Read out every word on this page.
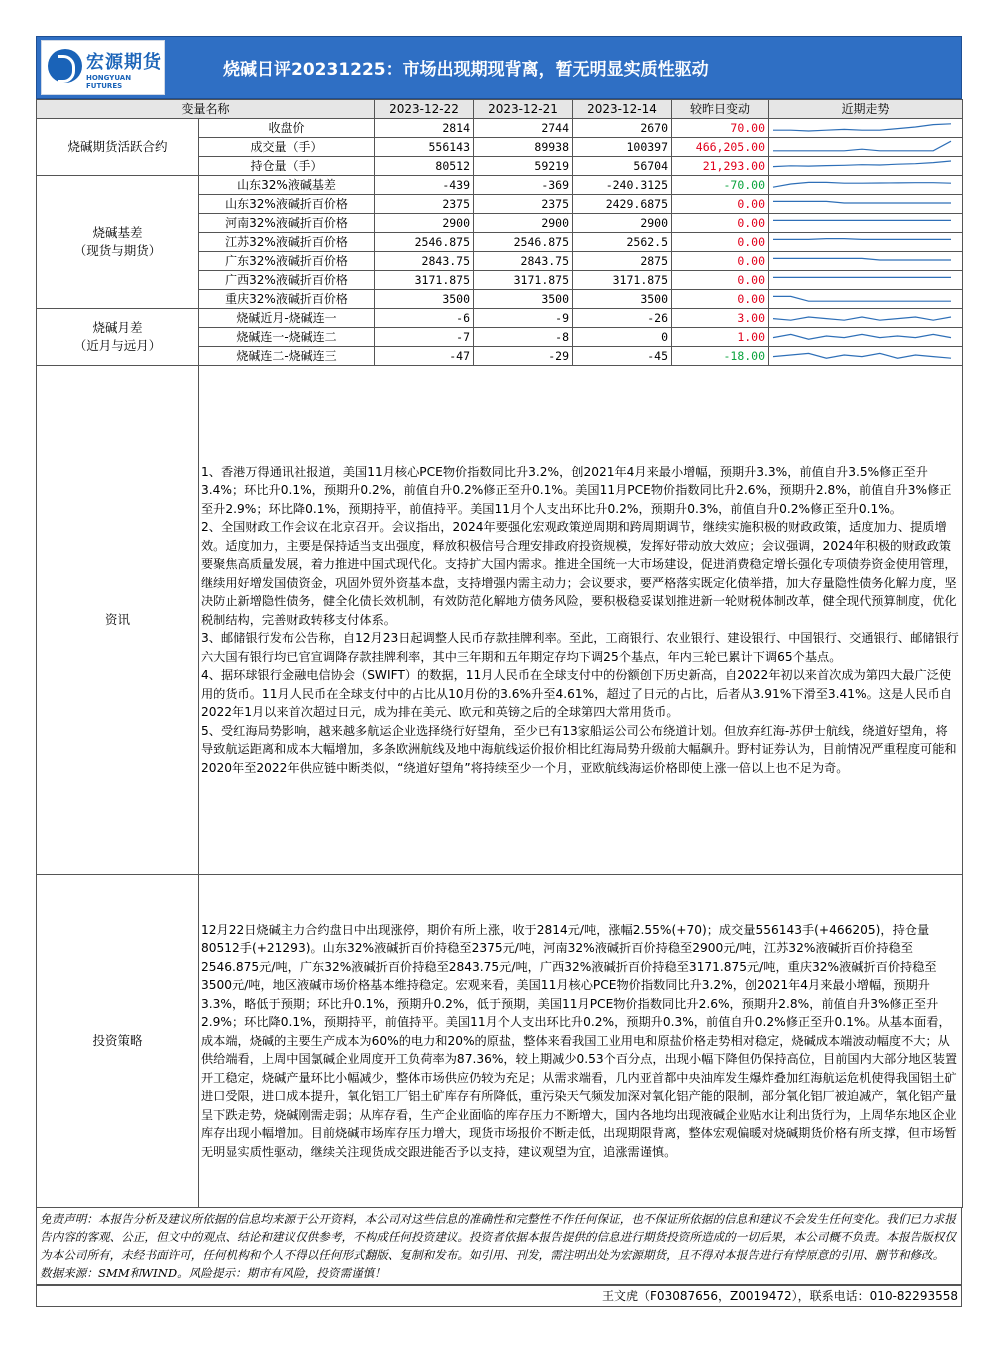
宏源期货
HONGYUAN FUTURES
烧碱日评20231225：市场出现期现背离，暂无明显实质性驱动
变量名称		2023-12-22	2023-12-21	2023-12-14	较昨日变动	近期走势
烧碱期货活跃合约	收盘价	2814	2744	2670	70.00	

	成交量（手）	556143	89938	100397	466,205.00	

	持仓量（手）	80512	59219	56704	21,293.00	

烧碱基差
（现货与期货）	山东32%液碱基差	-439	-369	-240.3125	-70.00	

	山东32%液碱折百价格	2375	2375	2429.6875	0.00	

	河南32%液碱折百价格	2900	2900	2900	0.00	

	江苏32%液碱折百价格	2546.875	2546.875	2562.5	0.00	

	广东32%液碱折百价格	2843.75	2843.75	2875	0.00	

	广西32%液碱折百价格	3171.875	3171.875	3171.875	0.00	

	重庆32%液碱折百价格	3500	3500	3500	0.00	

烧碱月差
（近月与远月）	烧碱近月-烧碱连一	-6	-9	-26	3.00	

	烧碱连一-烧碱连二	-7	-8	0	1.00	

	烧碱连二-烧碱连三	-47	-29	-45	-18.00	

资讯	1、香港万得通讯社报道，美国11月核心PCE物价指数同比升3.2%，创2021年4月来最小增幅，预期升3.3%，前值自升3.5%修正至升3.4%；环比升0.1%，预期升0.2%，前值自升0.2%修正至升0.1%。美国11月PCE物价指数同比升2.6%，预期升2.8%，前值自升3%修正至升2.9%；环比降0.1%，预期持平，前值持平。美国11月个人支出环比升0.2%，预期升0.3%，前值自升0.2%修正至升0.1%。

2、全国财政工作会议在北京召开。会议指出，2024年要强化宏观政策逆周期和跨周期调节，继续实施积极的财政政策，适度加力、提质增效。适度加力，主要是保持适当支出强度，释放积极信号合理安排政府投资规模，发挥好带动放大效应；会议强调，2024年积极的财政政策要聚焦高质量发展，着力推进中国式现代化。支持扩大国内需求。推进全国统一大市场建设，促进消费稳定增长强化专项债券资金使用管理，继续用好增发国债资金，巩固外贸外资基本盘，支持增强内需主动力；会议要求，要严格落实既定化债举措，加大存量隐性债务化解力度，坚决防止新增隐性债务，健全化债长效机制，有效防范化解地方债务风险，要积极稳妥谋划推进新一轮财税体制改革，健全现代预算制度，优化税制结构，完善财政转移支付体系。

3、邮储银行发布公告称，自12月23日起调整人民币存款挂牌利率。至此，工商银行、农业银行、建设银行、中国银行、交通银行、邮储银行六大国有银行均已官宣调降存款挂牌利率，其中三年期和五年期定存均下调25个基点，年内三轮已累计下调65个基点。

4、据环球银行金融电信协会（SWIFT）的数据，11月人民币在全球支付中的份额创下历史新高，自2022年初以来首次成为第四大最广泛使用的货币。11月人民币在全球支付中的占比从10月份的3.6%升至4.61%，超过了日元的占比，后者从3.91%下滑至3.41%。这是人民币自2022年1月以来首次超过日元，成为排在美元、欧元和英镑之后的全球第四大常用货币。

5、受红海局势影响，越来越多航运企业选择绕行好望角，至少已有13家船运公司公布绕道计划。但放弃红海-苏伊士航线，绕道好望角，将导致航运距离和成本大幅增加，多条欧洲航线及地中海航线运价报价相比红海局势升级前大幅飙升。野村证券认为，目前情况严重程度可能和2020年至2022年供应链中断类似，“绕道好望角”将持续至少一个月，亚欧航线海运价格即使上涨一倍以上也不足为奇。					

投资策略	12月22日烧碱主力合约盘日中出现涨停，期价有所上涨，收于2814元/吨，涨幅2.55%(+70)；成交量556143手(+466205)，持仓量80512手(+21293)。山东32%液碱折百价持稳至2375元/吨，河南32%液碱折百价持稳至2900元/吨，江苏32%液碱折百价持稳至2546.875元/吨，广东32%液碱折百价持稳至2843.75元/吨，广西32%液碱折百价持稳至3171.875元/吨，重庆32%液碱折百价持稳至3500元/吨，地区液碱市场价格基本维持稳定。宏观来看，美国11月核心PCE物价指数同比升3.2%，创2021年4月来最小增幅，预期升3.3%，略低于预期；环比升0.1%，预期升0.2%，低于预期，美国11月PCE物价指数同比升2.6%，预期升2.8%，前值自升3%修正至升2.9%；环比降0.1%，预期持平，前值持平。美国11月个人支出环比升0.2%，预期升0.3%，前值自升0.2%修正至升0.1%。从基本面看，成本端，烧碱的主要生产成本为60%的电力和20%的原盐，整体来看我国工业用电和原盐价格走势相对稳定，烧碱成本端波动幅度不大；从供给端看，上周中国氯碱企业周度开工负荷率为87.36%，较上期减少0.53个百分点，出现小幅下降但仍保持高位，目前国内大部分地区装置开工稳定，烧碱产量环比小幅减少，整体市场供应仍较为充足；从需求端看，几内亚首都中央油库发生爆炸叠加红海航运危机使得我国铝土矿进口受限，进口成本提升，氧化铝工厂铝土矿库存有所降低，重污染天气频发加深对氧化铝产能的限制，部分氧化铝厂被迫减产，氧化铝产量呈下跌走势，烧碱刚需走弱；从库存看，生产企业面临的库存压力不断增大，国内各地均出现液碱企业贴水让利出货行为，上周华东地区企业库存出现小幅增加。目前烧碱市场库存压力增大，现货市场报价不断走低，出现期限背离，整体宏观偏暖对烧碱期货价格有所支撑，但市场暂无明显实质性驱动，继续关注现货成交跟进能否予以支持，建议观望为宜，追涨需谨慎。					

免责声明：本报告分析及建议所依据的信息均来源于公开资料，本公司对这些信息的准确性和完整性不作任何保证，也不保证所依据的信息和建议不会发生任何变化。我们已力求报告内容的客观、公正，但文中的观点、结论和建议仅供参考，不构成任何投资建议。投资者依据本报告提供的信息进行期货投资所造成的一切后果，本公司概不负责。本报告版权仅为本公司所有，未经书面许可，任何机构和个人不得以任何形式翻版、复制和发布。如引用、刊发，需注明出处为宏源期货，且不得对本报告进行有悖原意的引用、删节和修改。
数据来源：SMM和WIND。风险提示：期市有风险，投资需谨慎！
王文虎（F03087656，Z0019472），联系电话：010-82293558
